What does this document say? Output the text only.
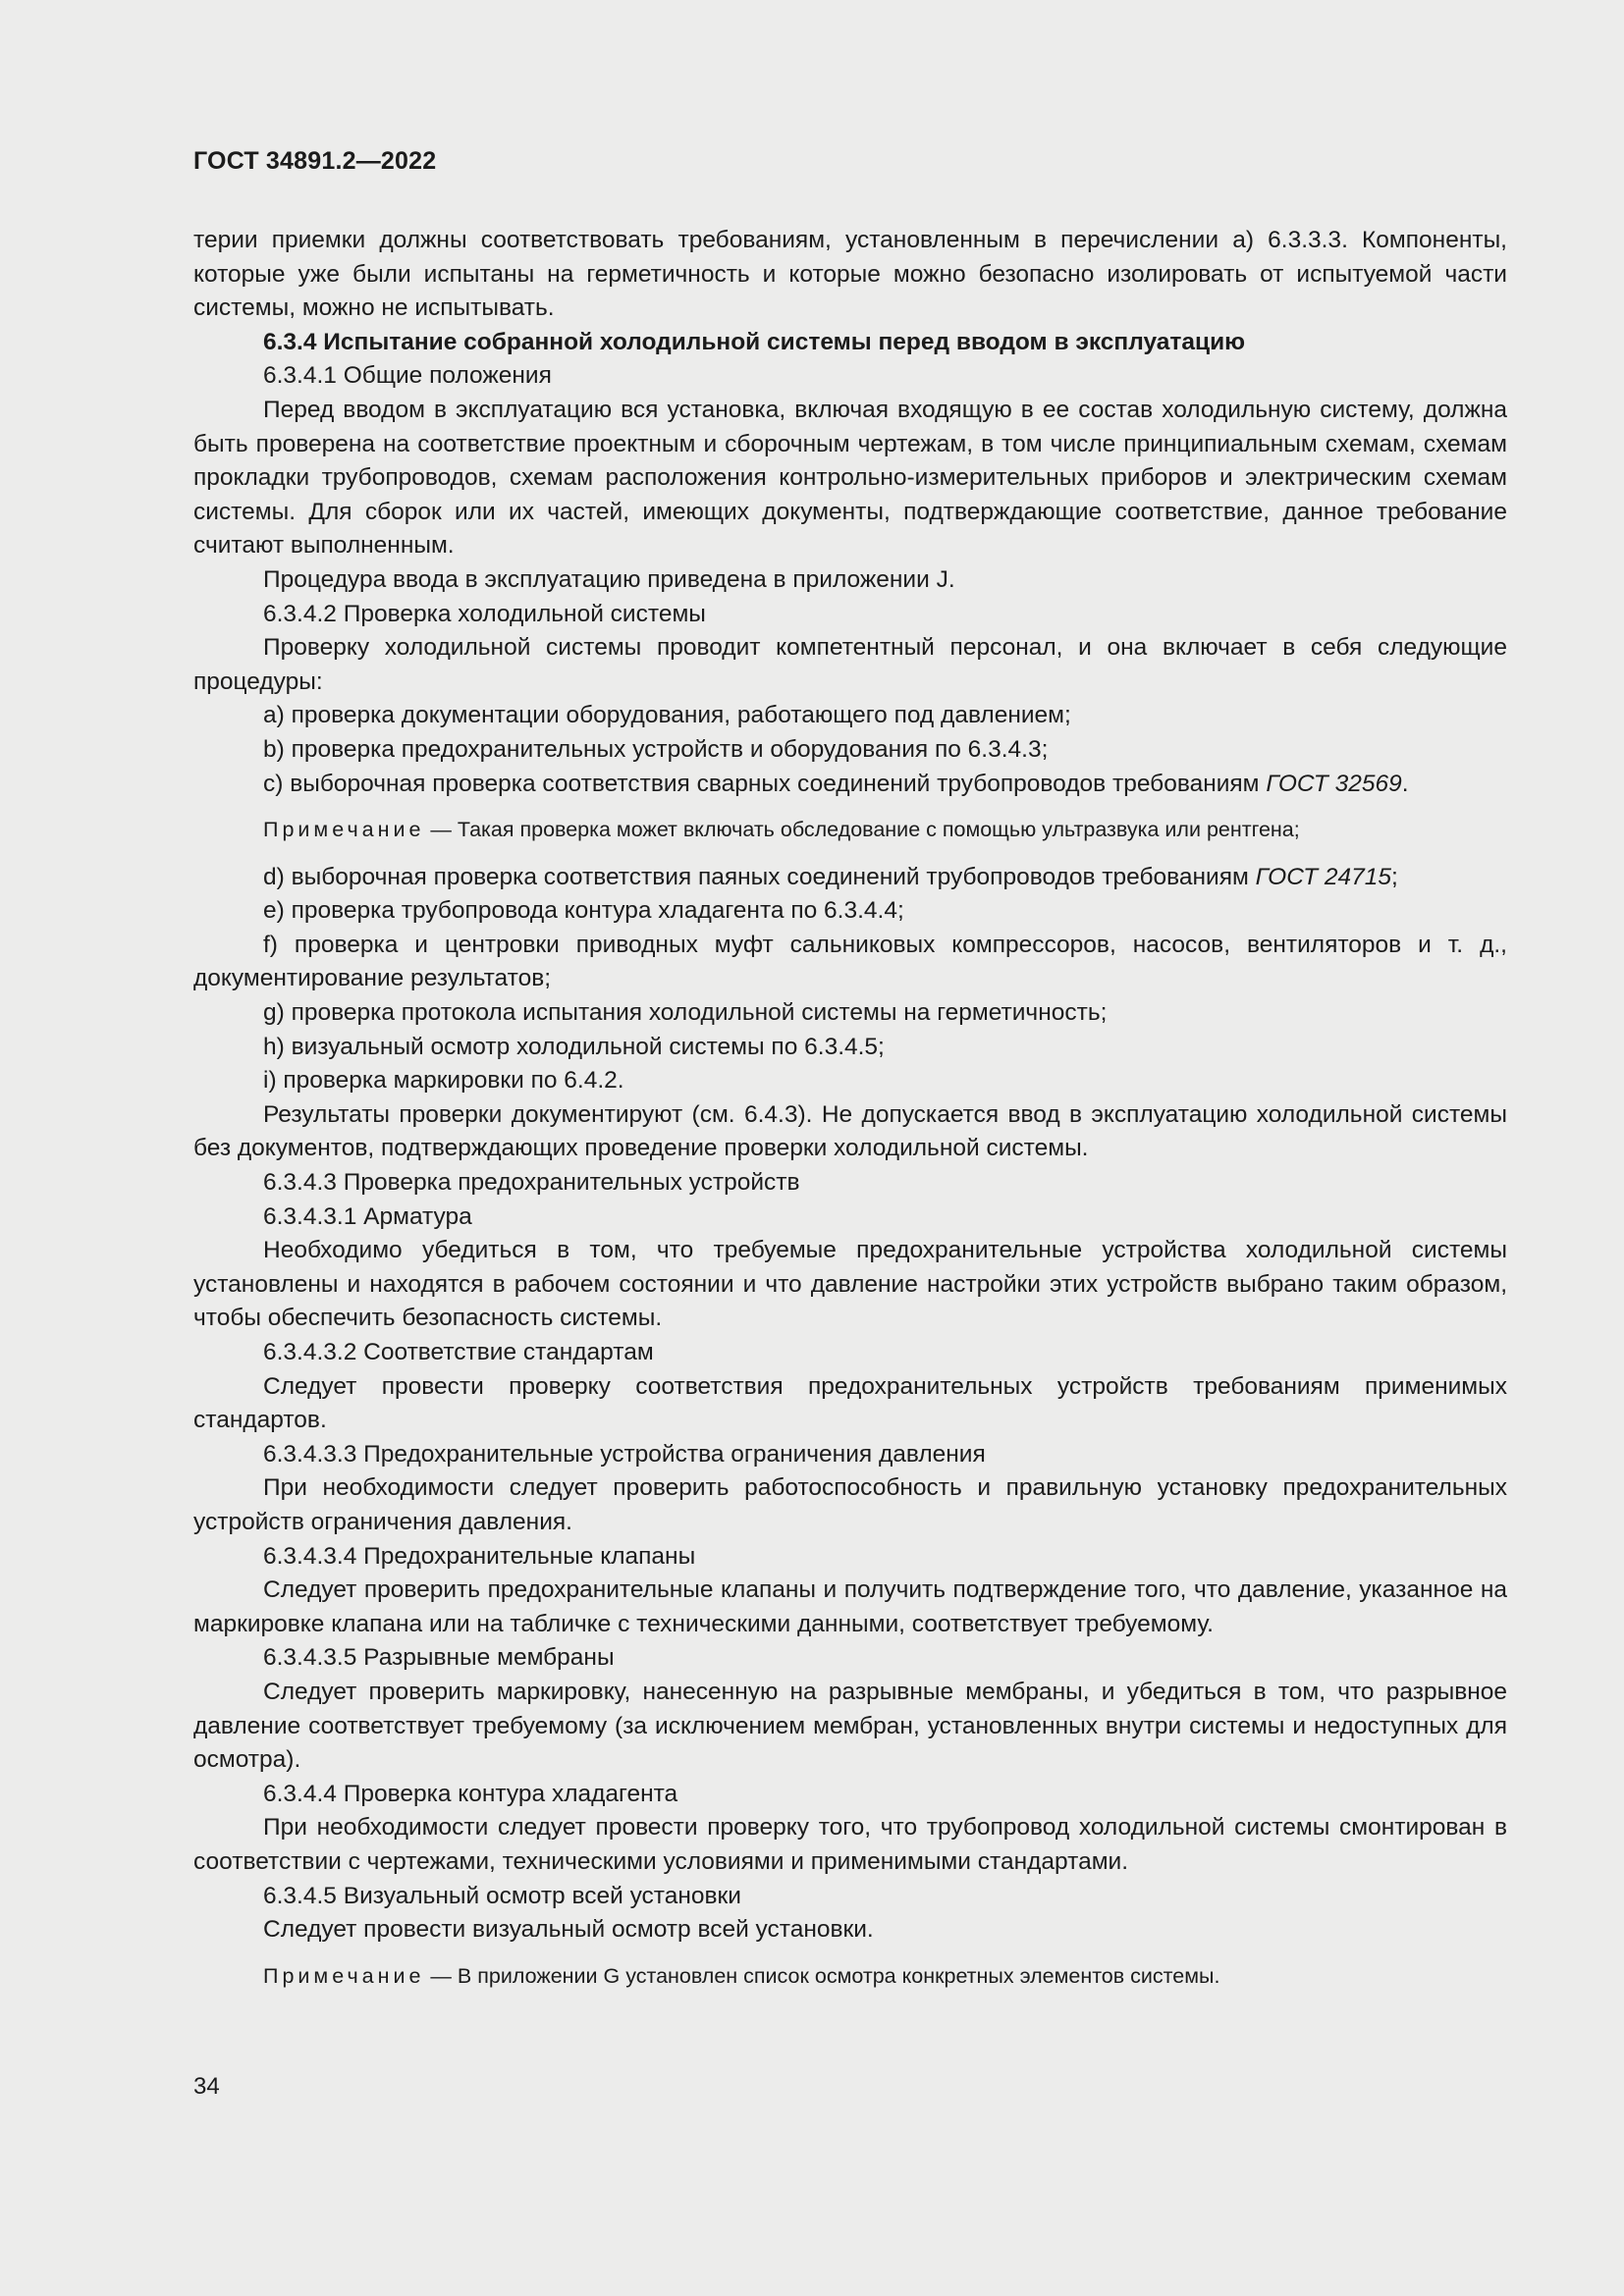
ГОСТ 34891.2—2022

терии приемки должны соответствовать требованиям, установленным в перечислении а) 6.3.3.3. Компоненты, которые уже были испытаны на герметичность и которые можно безопасно изолировать от испытуемой части системы, можно не испытывать.

6.3.4 Испытание собранной холодильной системы перед вводом в эксплуатацию

6.3.4.1 Общие положения

Перед вводом в эксплуатацию вся установка, включая входящую в ее состав холодильную систему, должна быть проверена на соответствие проектным и сборочным чертежам, в том числе принципиальным схемам, схемам прокладки трубопроводов, схемам расположения контрольно-измерительных приборов и электрическим схемам системы. Для сборок или их частей, имеющих документы, подтверждающие соответствие, данное требование считают выполненным.

Процедура ввода в эксплуатацию приведена в приложении J.

6.3.4.2 Проверка холодильной системы

Проверку холодильной системы проводит компетентный персонал, и она включает в себя следующие процедуры:

a) проверка документации оборудования, работающего под давлением;

b) проверка предохранительных устройств и оборудования по 6.3.4.3;

c) выборочная проверка соответствия сварных соединений трубопроводов требованиям ГОСТ 32569.

Примечание — Такая проверка может включать обследование с помощью ультразвука или рентгена;

d) выборочная проверка соответствия паяных соединений трубопроводов требованиям ГОСТ 24715;

e) проверка трубопровода контура хладагента по 6.3.4.4;

f) проверка и центровки приводных муфт сальниковых компрессоров, насосов, вентиляторов и т. д., документирование результатов;

g) проверка протокола испытания холодильной системы на герметичность;

h) визуальный осмотр холодильной системы по 6.3.4.5;

i) проверка маркировки по 6.4.2.

Результаты проверки документируют (см. 6.4.3). Не допускается ввод в эксплуатацию холодильной системы без документов, подтверждающих проведение проверки холодильной системы.

6.3.4.3 Проверка предохранительных устройств

6.3.4.3.1 Арматура

Необходимо убедиться в том, что требуемые предохранительные устройства холодильной системы установлены и находятся в рабочем состоянии и что давление настройки этих устройств выбрано таким образом, чтобы обеспечить безопасность системы.

6.3.4.3.2 Соответствие стандартам

Следует провести проверку соответствия предохранительных устройств требованиям применимых стандартов.

6.3.4.3.3 Предохранительные устройства ограничения давления

При необходимости следует проверить работоспособность и правильную установку предохранительных устройств ограничения давления.

6.3.4.3.4 Предохранительные клапаны

Следует проверить предохранительные клапаны и получить подтверждение того, что давление, указанное на маркировке клапана или на табличке с техническими данными, соответствует требуемому.

6.3.4.3.5 Разрывные мембраны

Следует проверить маркировку, нанесенную на разрывные мембраны, и убедиться в том, что разрывное давление соответствует требуемому (за исключением мембран, установленных внутри системы и недоступных для осмотра).

6.3.4.4 Проверка контура хладагента

При необходимости следует провести проверку того, что трубопровод холодильной системы смонтирован в соответствии с чертежами, техническими условиями и применимыми стандартами.

6.3.4.5 Визуальный осмотр всей установки

Следует провести визуальный осмотр всей установки.

Примечание — В приложении G установлен список осмотра конкретных элементов системы.

34
